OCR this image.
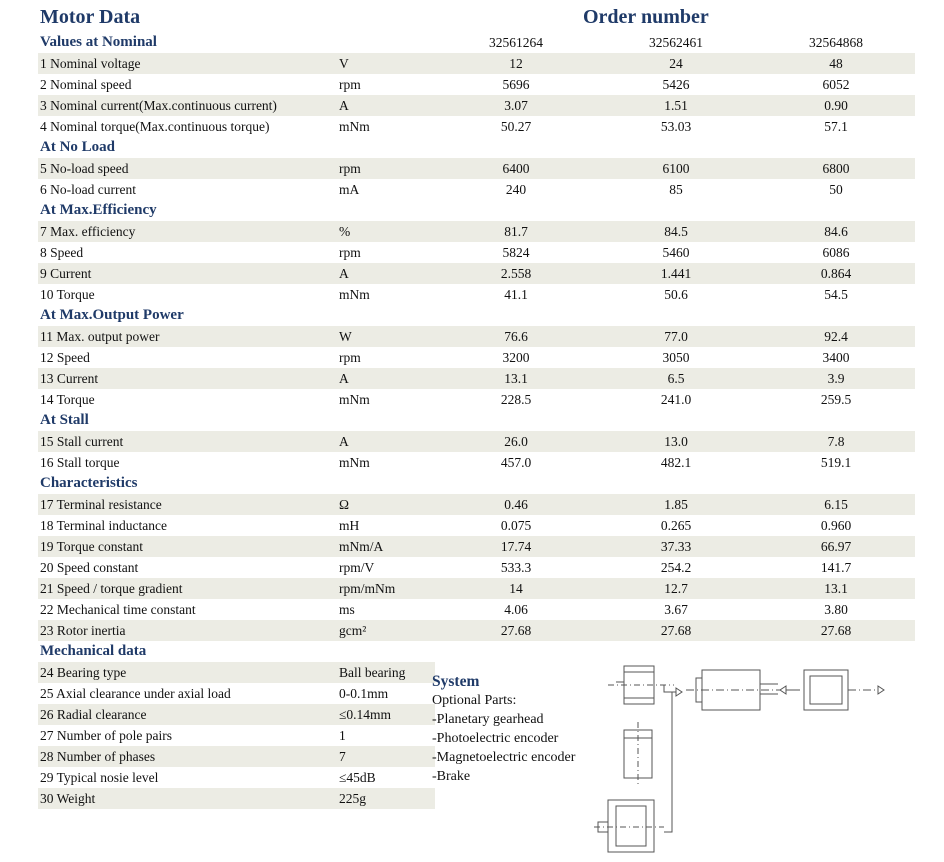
Motor Data	Order number
Values at Nominal		32561264	32562461	32564868
1 Nominal voltage	V	12	24	48
2 Nominal speed	rpm	5696	5426	6052
3 Nominal current(Max.continuous current)	A	3.07	1.51	0.90
4 Nominal torque(Max.continuous torque)	mNm	50.27	53.03	57.1
At No Load				
5 No-load speed	rpm	6400	6100	6800
6 No-load current	mA	240	85	50
At Max.Efficiency				
7 Max. efficiency	%	81.7	84.5	84.6
8 Speed	rpm	5824	5460	6086
9 Current	A	2.558	1.441	0.864
10 Torque	mNm	41.1	50.6	54.5
At Max.Output Power				
11 Max. output power	W	76.6	77.0	92.4
12 Speed	rpm	3200	3050	3400
13 Current	A	13.1	6.5	3.9
14 Torque	mNm	228.5	241.0	259.5
At Stall				
15 Stall current	A	26.0	13.0	7.8
16 Stall torque	mNm	457.0	482.1	519.1
Characteristics				
17 Terminal resistance	Ω	0.46	1.85	6.15
18 Terminal inductance	mH	0.075	0.265	0.960
19 Torque constant	mNm/A	17.74	37.33	66.97
20 Speed constant	rpm/V	533.3	254.2	141.7
21 Speed / torque gradient	rpm/mNm	14	12.7	13.1
22 Mechanical time constant	ms	4.06	3.67	3.80
23 Rotor inertia	gcm²	27.68	27.68	27.68
Mechanical data				
24 Bearing type	Ball bearing			
25 Axial clearance under axial load	0-0.1mm			
26 Radial clearance	≤0.14mm			
27 Number of pole pairs	1			
28 Number of phases	7			
29 Typical nosie level	≤45dB			
30 Weight	225g			
System
Optional Parts:
-Planetary gearhead
-Photoelectric encoder
-Magnetoelectric encoder
-Brake
